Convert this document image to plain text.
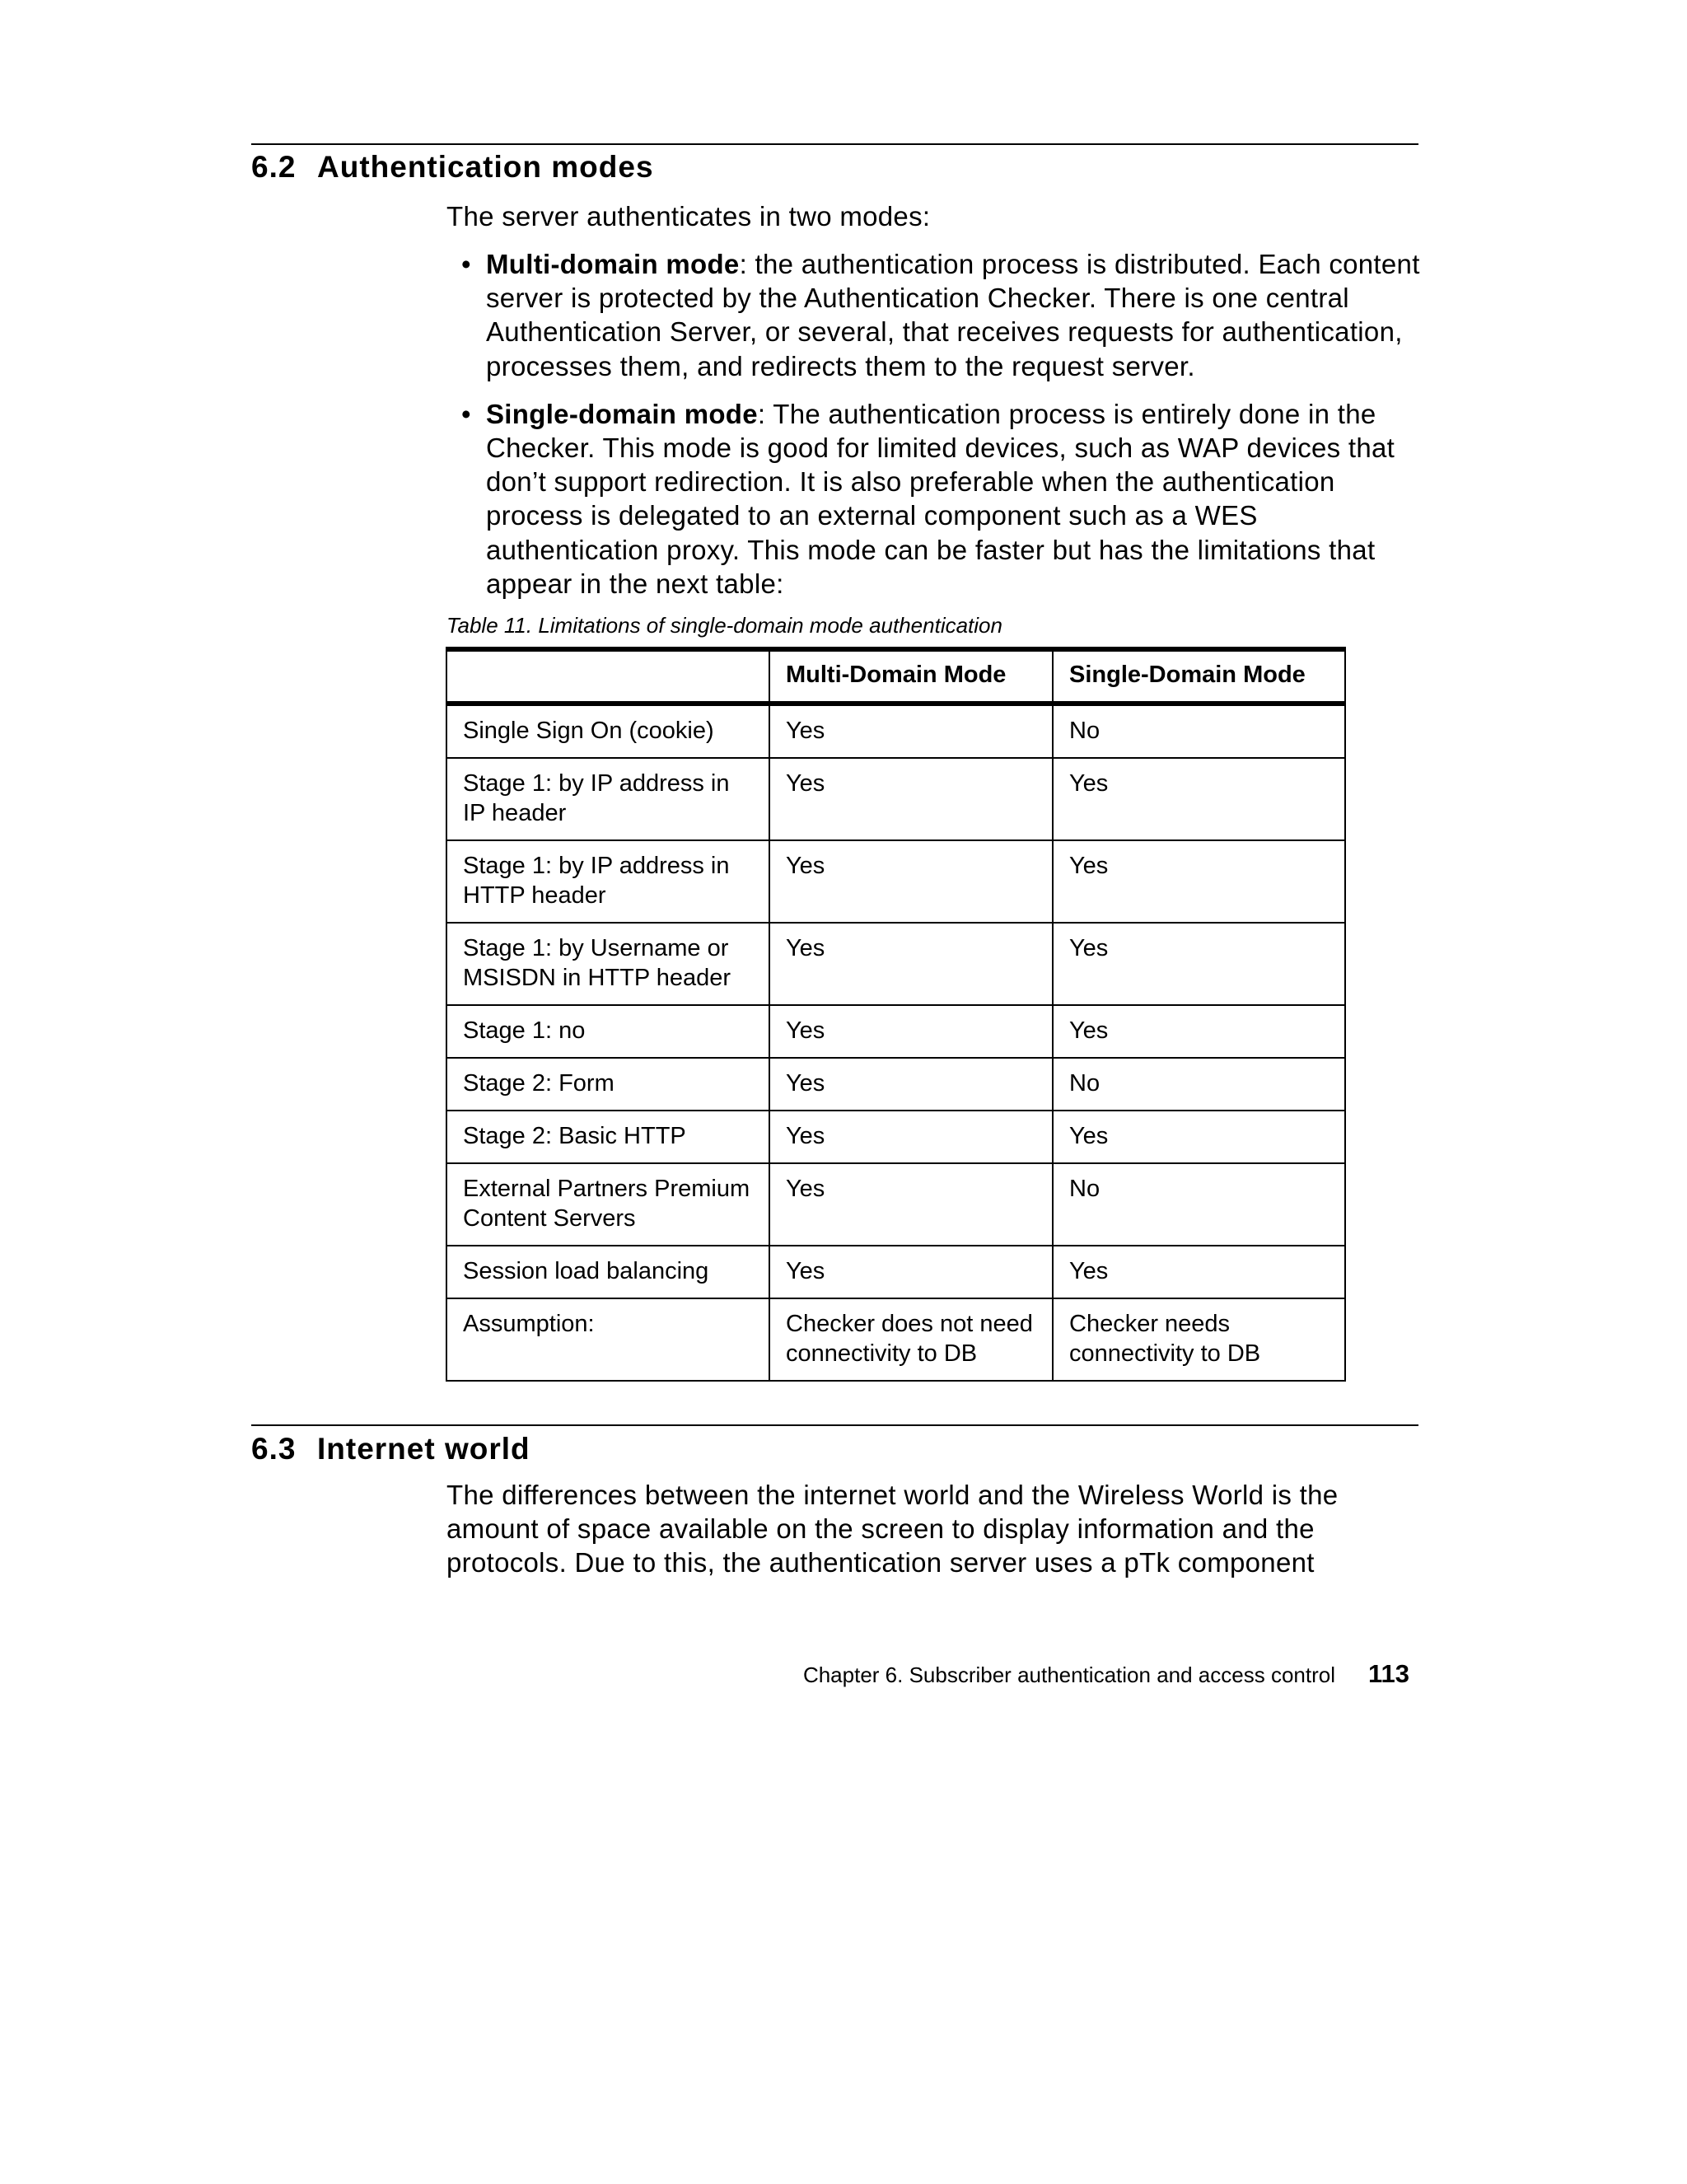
6.2 Authentication modes

The server authenticates in two modes:

• Multi-domain mode: the authentication process is distributed. Each content server is protected by the Authentication Checker. There is one central Authentication Server, or several, that receives requests for authentication, processes them, and redirects them to the request server.
• Single-domain mode: The authentication process is entirely done in the Checker. This mode is good for limited devices, such as WAP devices that don’t support redirection. It is also preferable when the authentication process is delegated to an external component such as a WES authentication proxy. This mode can be faster but has the limitations that appear in the next table:

Table 11. Limitations of single-domain mode authentication

	Multi-Domain Mode	Single-Domain Mode
Single Sign On (cookie)	Yes	No
Stage 1: by IP address in IP header	Yes	Yes
Stage 1: by IP address in HTTP header	Yes	Yes
Stage 1: by Username or MSISDN in HTTP header	Yes	Yes
Stage 1: no	Yes	Yes
Stage 2: Form	Yes	No
Stage 2: Basic HTTP	Yes	Yes
External Partners Premium Content Servers	Yes	No
Session load balancing	Yes	Yes
Assumption:	Checker does not need connectivity to DB	Checker needs connectivity to DB
6.3 Internet world

The differences between the internet world and the Wireless World is the amount of space available on the screen to display information and the protocols. Due to this, the authentication server uses a pTk component

Chapter 6. Subscriber authentication and access control 113
